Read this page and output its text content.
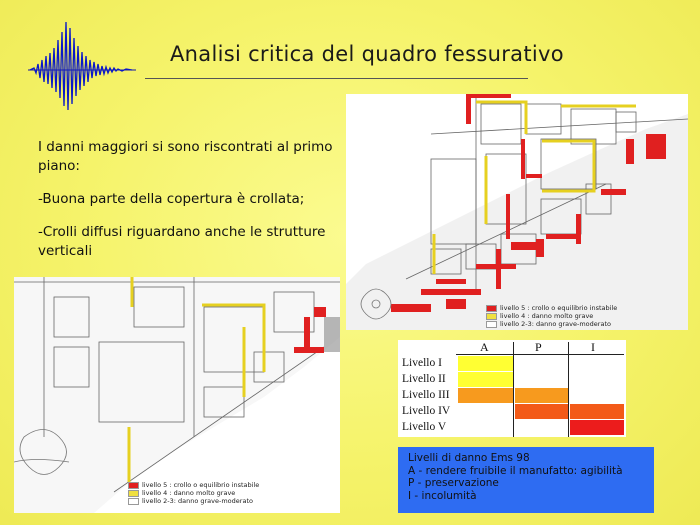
Analisi critica del quadro fessurativo

I danni maggiori si sono riscontrati al primo piano:

-Buona parte della copertura è crollata;

-Crolli diffusi riguardano anche le strutture verticali

livello 5 : crollo o equilibrio instabile
livello 4 : danno molto grave
livello 2-3: danno grave-moderato
livello 5 : crollo o equilibrio instabile
livello 4 : danno molto grave
livello 2-3: danno grave-moderato
A	P	I
Livello I
Livello II
Livello III
Livello IV
Livello V
Livelli di danno Ems 98
A - rendere fruibile il manufatto: agibilità
P - preservazione
I - incolumità
